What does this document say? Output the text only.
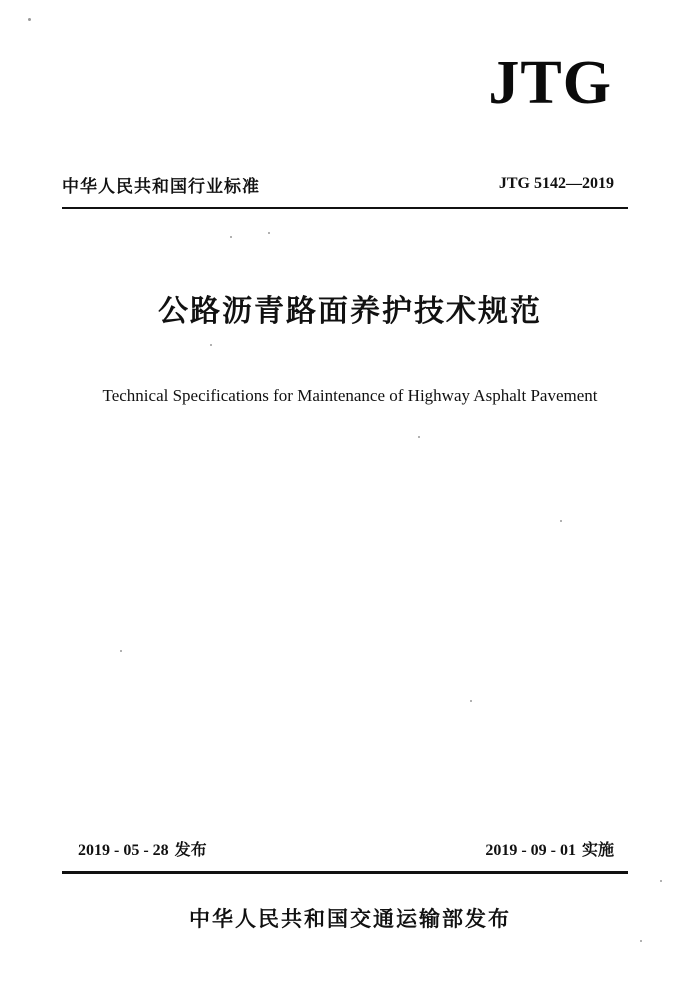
JTG
中华人民共和国行业标准	JTG 5142—2019
公路沥青路面养护技术规范
Technical Specifications for Maintenance of Highway Asphalt Pavement
2019 - 05 - 28 发布	2019 - 09 - 01 实施
中华人民共和国交通运输部发布
